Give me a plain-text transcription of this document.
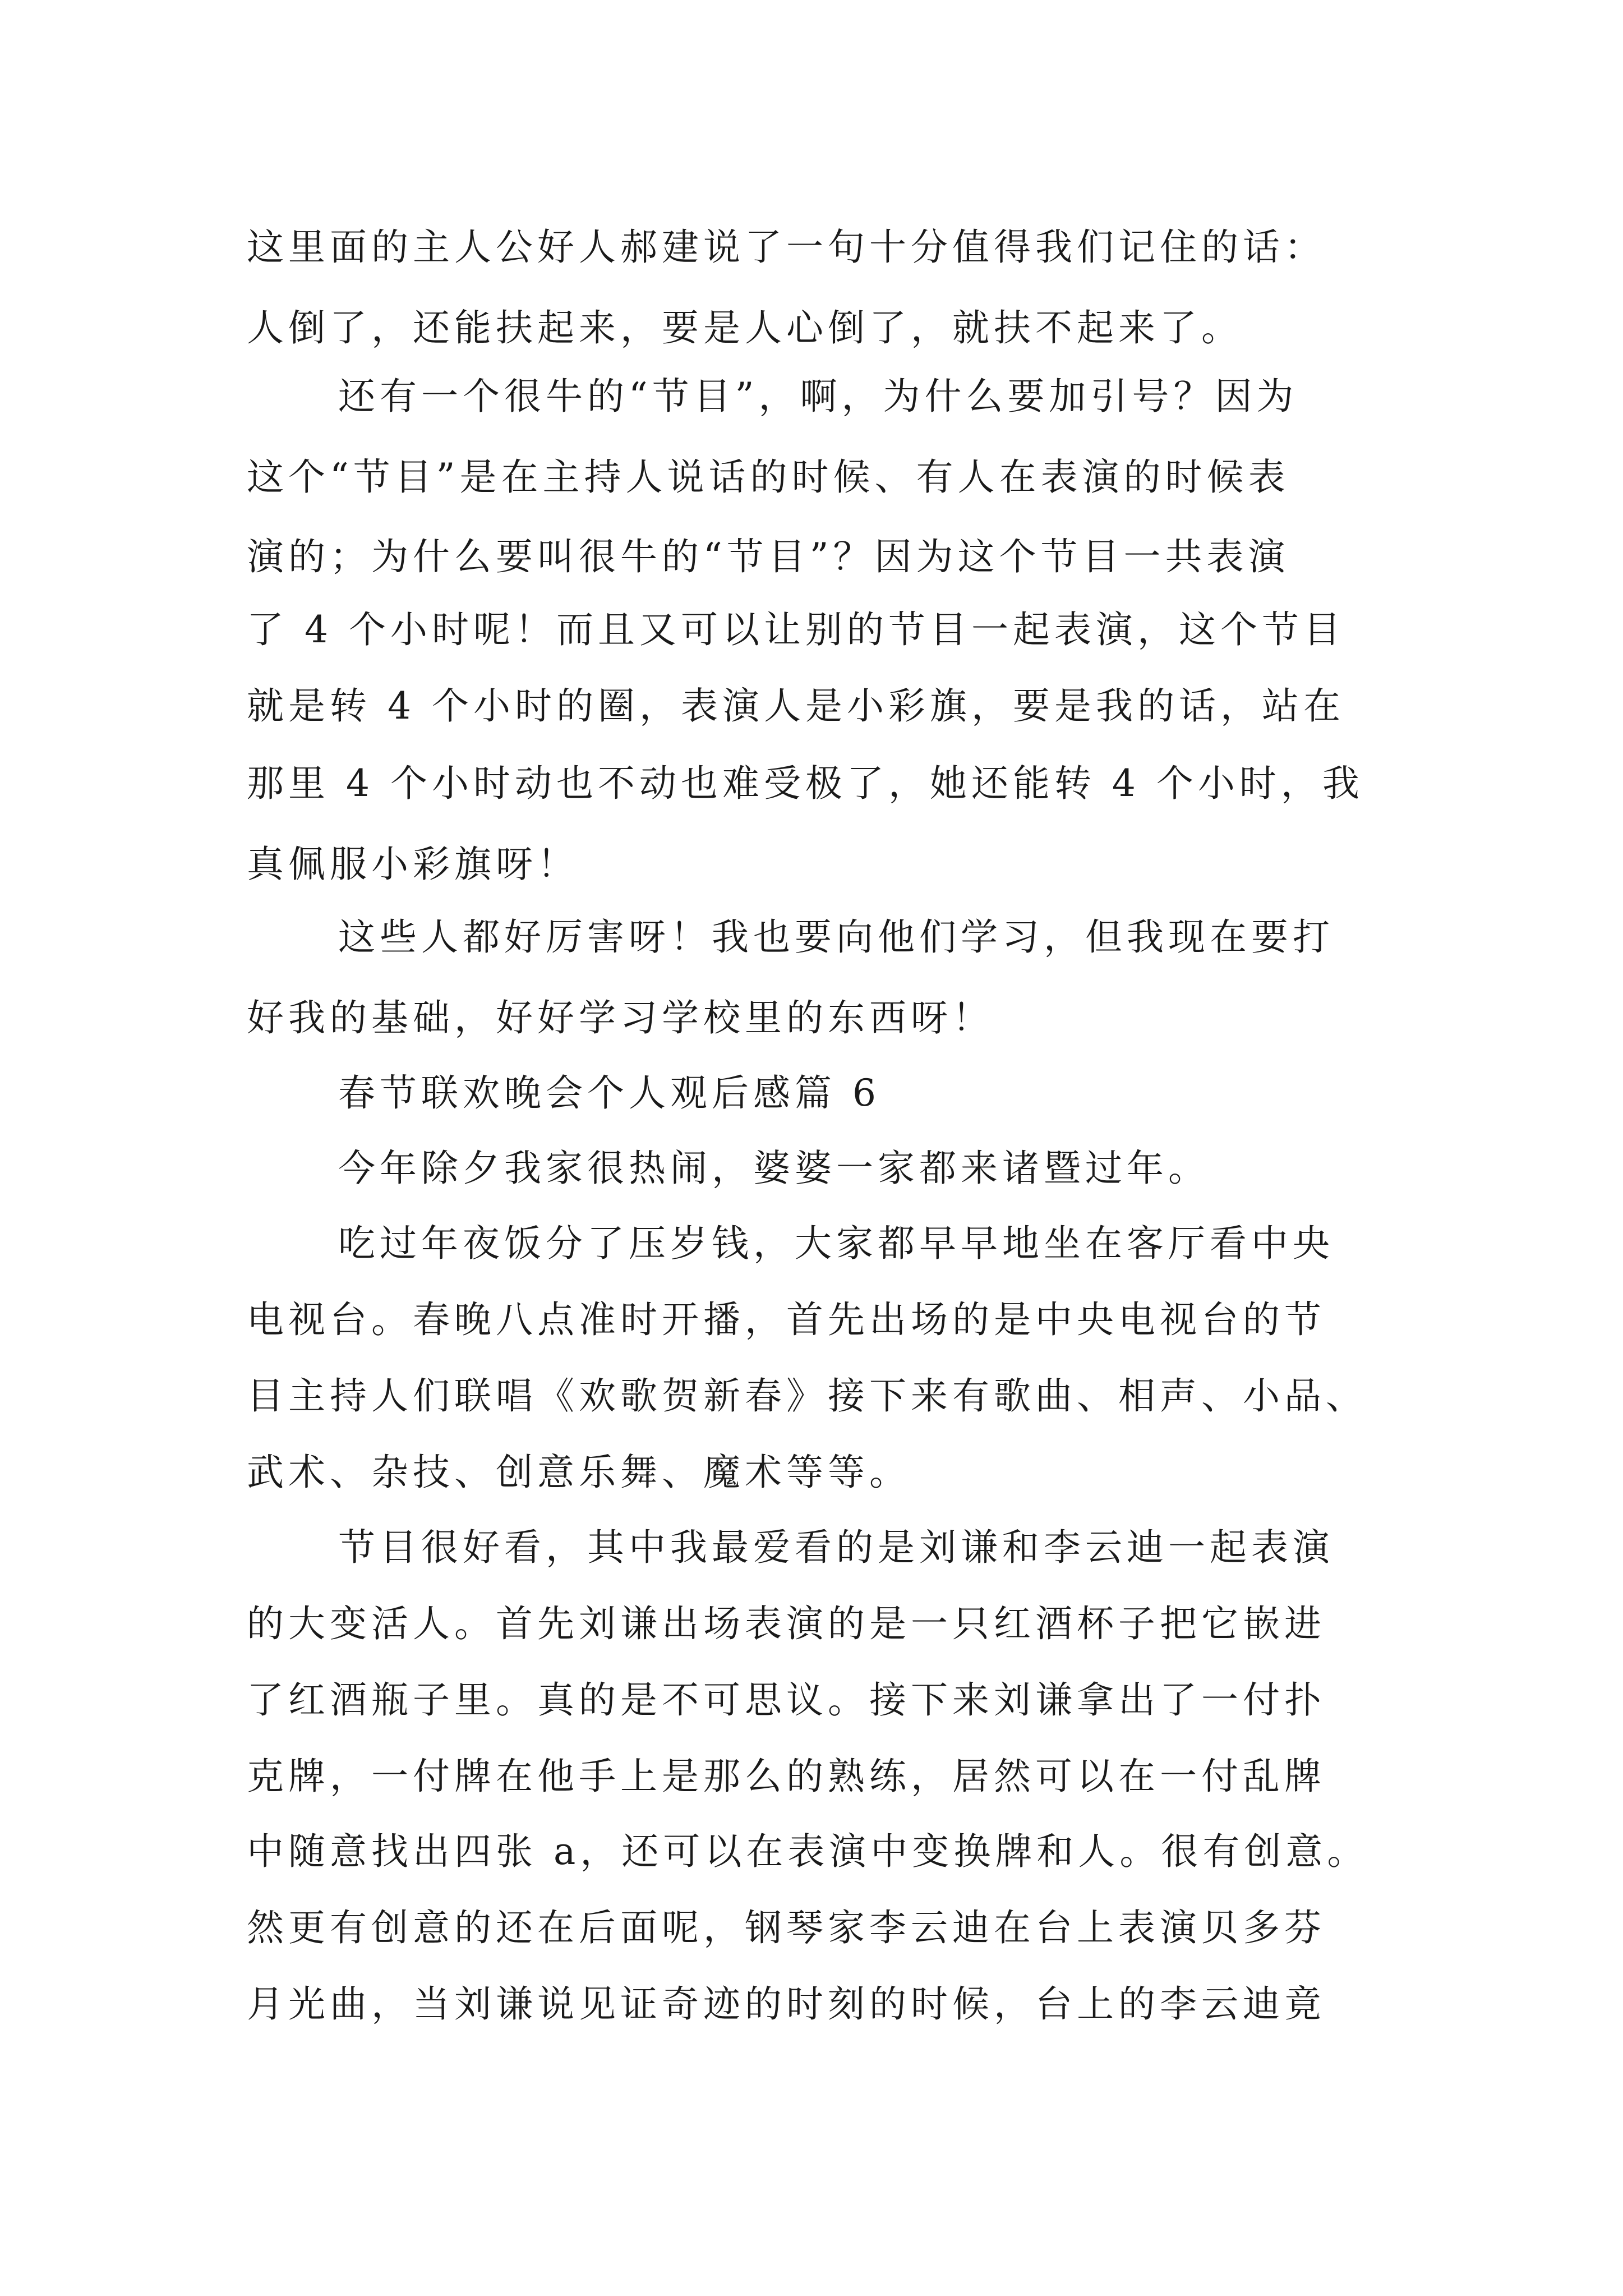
这里面的主人公好人郝建说了一句十分值得我们记住的话：
人倒了，还能扶起来，要是人心倒了，就扶不起来了。
还有一个很牛的“节目”，啊，为什么要加引号？因为
这个“节目”是在主持人说话的时候、有人在表演的时候表
演的；为什么要叫很牛的“节目”？因为这个节目一共表演
了 4 个小时呢！而且又可以让别的节目一起表演，这个节目
就是转 4 个小时的圈，表演人是小彩旗，要是我的话，站在
那里 4 个小时动也不动也难受极了，她还能转 4 个小时，我
真佩服小彩旗呀！
这些人都好厉害呀！我也要向他们学习，但我现在要打
好我的基础，好好学习学校里的东西呀！
春节联欢晚会个人观后感篇 6
今年除夕我家很热闹，婆婆一家都来诸暨过年。
吃过年夜饭分了压岁钱，大家都早早地坐在客厅看中央
电视台。春晚八点准时开播，首先出场的是中央电视台的节
目主持人们联唱《欢歌贺新春》接下来有歌曲、相声、小品、
武术、杂技、创意乐舞、魔术等等。
节目很好看，其中我最爱看的是刘谦和李云迪一起表演
的大变活人。首先刘谦出场表演的是一只红酒杯子把它嵌进
了红酒瓶子里。真的是不可思议。接下来刘谦拿出了一付扑
克牌，一付牌在他手上是那么的熟练，居然可以在一付乱牌
中随意找出四张 a，还可以在表演中变换牌和人。很有创意。
然更有创意的还在后面呢，钢琴家李云迪在台上表演贝多芬
月光曲，当刘谦说见证奇迹的时刻的时候，台上的李云迪竟
